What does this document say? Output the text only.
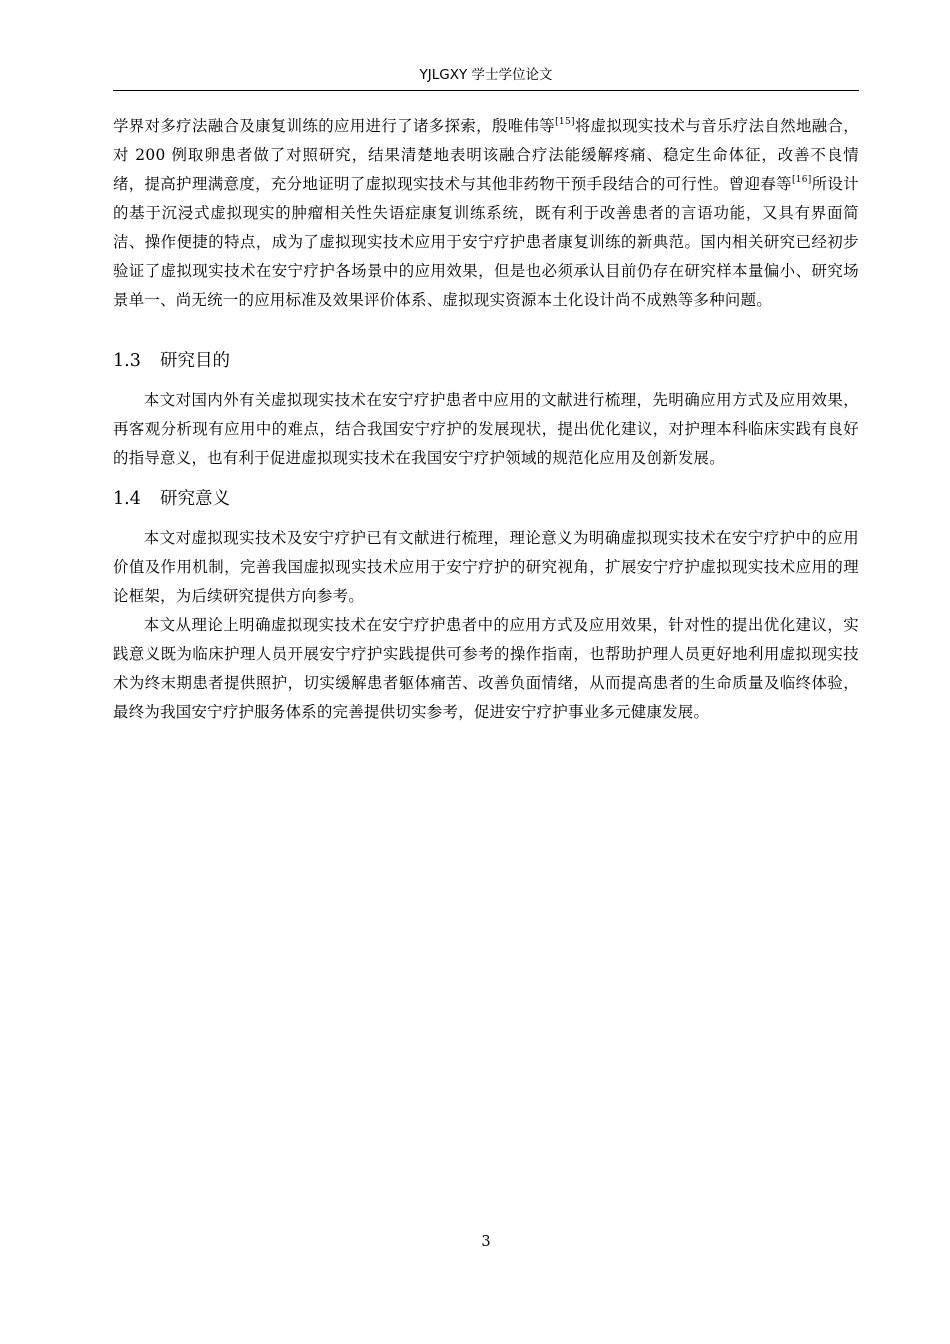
YJLGXY 学士学位论文

学界对多疗法融合及康复训练的应用进行了诸多探索，殷唯伟等[15]将虚拟现实技术与音乐疗法自然地融合，对 200 例取卵患者做了对照研究，结果清楚地表明该融合疗法能缓解疼痛、稳定生命体征，改善不良情绪，提高护理满意度，充分地证明了虚拟现实技术与其他非药物干预手段结合的可行性。曾迎春等[16]所设计的基于沉浸式虚拟现实的肿瘤相关性失语症康复训练系统，既有利于改善患者的言语功能，又具有界面简洁、操作便捷的特点，成为了虚拟现实技术应用于安宁疗护患者康复训练的新典范。国内相关研究已经初步验证了虚拟现实技术在安宁疗护各场景中的应用效果，但是也必须承认目前仍存在研究样本量偏小、研究场景单一、尚无统一的应用标准及效果评价体系、虚拟现实资源本土化设计尚不成熟等多种问题。

1.3 研究目的

本文对国内外有关虚拟现实技术在安宁疗护患者中应用的文献进行梳理，先明确应用方式及应用效果，再客观分析现有应用中的难点，结合我国安宁疗护的发展现状，提出优化建议，对护理本科临床实践有良好的指导意义，也有利于促进虚拟现实技术在我国安宁疗护领域的规范化应用及创新发展。

1.4 研究意义

本文对虚拟现实技术及安宁疗护已有文献进行梳理，理论意义为明确虚拟现实技术在安宁疗护中的应用价值及作用机制，完善我国虚拟现实技术应用于安宁疗护的研究视角，扩展安宁疗护虚拟现实技术应用的理论框架，为后续研究提供方向参考。

本文从理论上明确虚拟现实技术在安宁疗护患者中的应用方式及应用效果，针对性的提出优化建议，实践意义既为临床护理人员开展安宁疗护实践提供可参考的操作指南，也帮助护理人员更好地利用虚拟现实技术为终末期患者提供照护，切实缓解患者躯体痛苦、改善负面情绪，从而提高患者的生命质量及临终体验，最终为我国安宁疗护服务体系的完善提供切实参考，促进安宁疗护事业多元健康发展。

3
